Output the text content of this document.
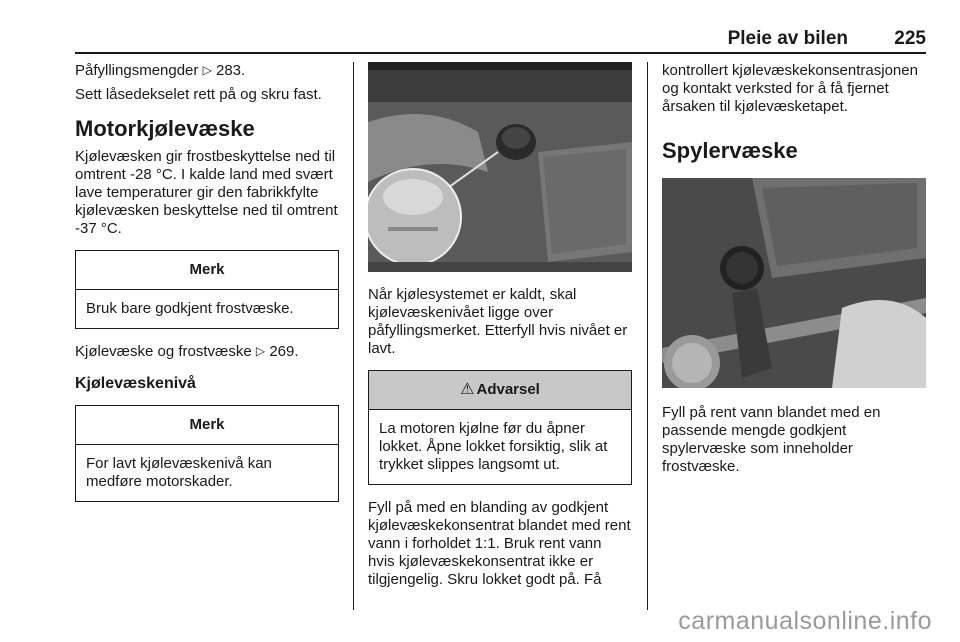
Pleie av bilen 225

Påfyllingsmengder ▷ 283.

Sett låsedekselet rett på og skru fast.

Motorkjølevæske

Kjølevæsken gir frostbeskyttelse ned til omtrent -28 °C. I kalde land med svært lave temperaturer gir den fabrikkfylte kjølevæsken beskyttelse ned til omtrent -37 °C.

Merk
Bruk bare godkjent frostvæske.

Kjølevæske og frostvæske ▷ 269.

Kjølevæskenivå
Merk
For lavt kjølevæskenivå kan medføre motorskader.

Når kjølesystemet er kaldt, skal kjølevæskenivået ligge over påfyllingsmerket. Etterfyll hvis nivået er lavt.

⚠ Advarsel
La motoren kjølne før du åpner lokket. Åpne lokket forsiktig, slik at trykket slippes langsomt ut.

Fyll på med en blanding av godkjent kjølevæskekonsentrat blandet med rent vann i forholdet 1:1. Bruk rent vann hvis kjølevæskekonsentrat ikke er tilgjengelig. Skru lokket godt på. Få

kontrollert kjølevæskekonsentrasjonen og kontakt verksted for å få fjernet årsaken til kjølevæsketapet.

Spylervæske

Fyll på rent vann blandet med en passende mengde godkjent spylervæske som inneholder frostvæske.

carmanualsonline.info
